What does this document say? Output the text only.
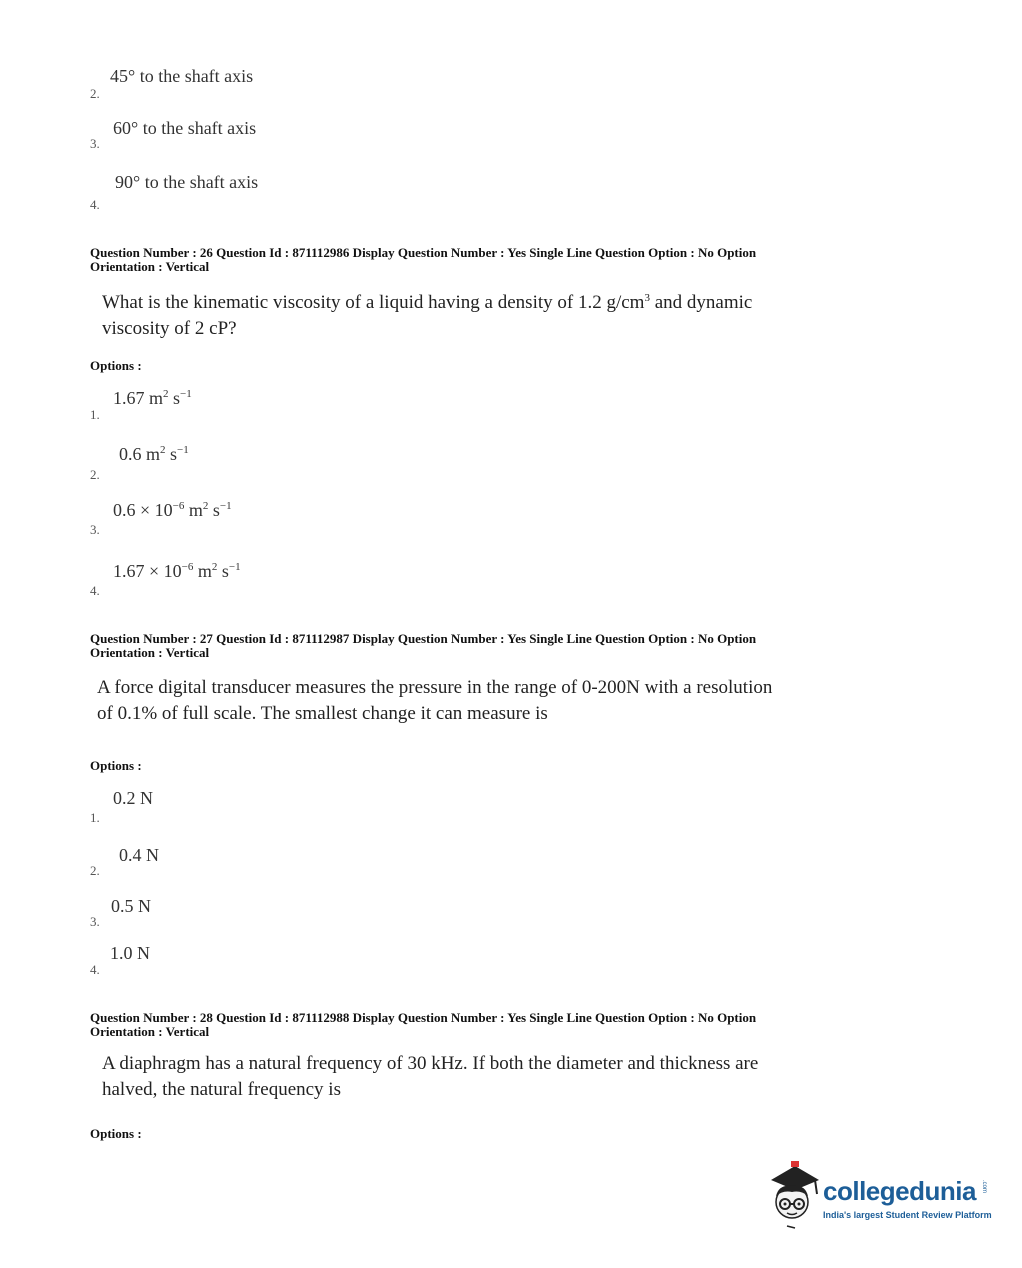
45° to the shaft axis
2.
60° to the shaft axis
3.
90° to the shaft axis
4.
Question Number : 26 Question Id : 871112986 Display Question Number : Yes Single Line Question Option : No Option
Orientation : Vertical
What is the kinematic viscosity of a liquid having a density of 1.2 $g/cm^3$ and dynamic
viscosity of 2 cP?
Options :
1.67 $m^2$ $s^{-1}$
1.
0.6 $m^2$ $s^{-1}$
2.
$0.6 \times 10^{-6}$ $m^2$ $s^{-1}$
3.
$1.67 \times 10^{-6}$ $m^2$ $s^{-1}$
4.
Question Number : 27 Question Id : 871112987 Display Question Number : Yes Single Line Question Option : No Option
Orientation : Vertical
A force digital transducer measures the pressure in the range of 0-200N with a resolution
of 0.1% of full scale. The smallest change it can measure is
Options :
0.2 N
1.
0.4 N
2.
0.5 N
3.
1.0 N
4.
Question Number : 28 Question Id : 871112988 Display Question Number : Yes Single Line Question Option : No Option
Orientation : Vertical
A diaphragm has a natural frequency of 30 kHz. If both the diameter and thickness are
halved, the natural frequency is
Options :
collegedunia .com
India's largest Student Review Platform
